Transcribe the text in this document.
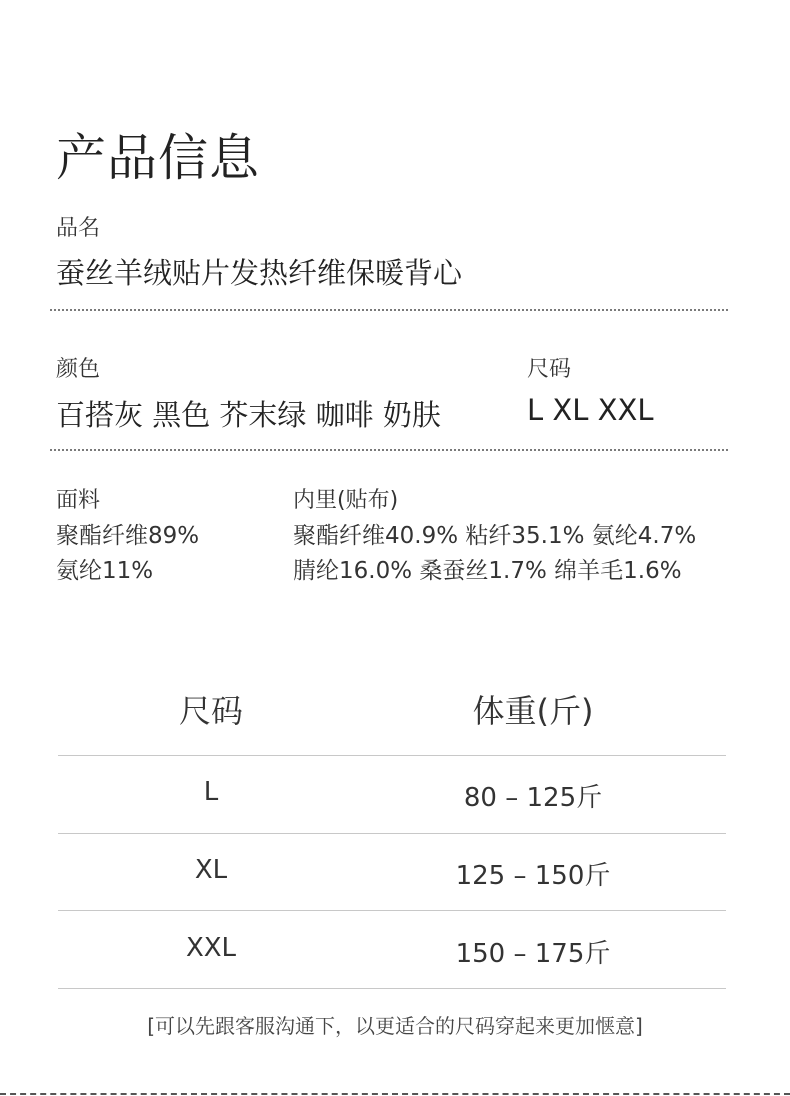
产品信息
品名
蚕丝羊绒贴片发热纤维保暖背心
颜色
百搭灰 黑色 芥末绿 咖啡 奶肤
尺码
L XL XXL
面料
聚酯纤维89%
氨纶11%
内里(贴布)
聚酯纤维40.9% 粘纤35.1% 氨纶4.7%
腈纶16.0% 桑蚕丝1.7% 绵羊毛1.6%
尺码	体重(斤)
L	80 – 125斤
XL	125 – 150斤
XXL	150 – 175斤
[可以先跟客服沟通下，以更适合的尺码穿起来更加惬意]
